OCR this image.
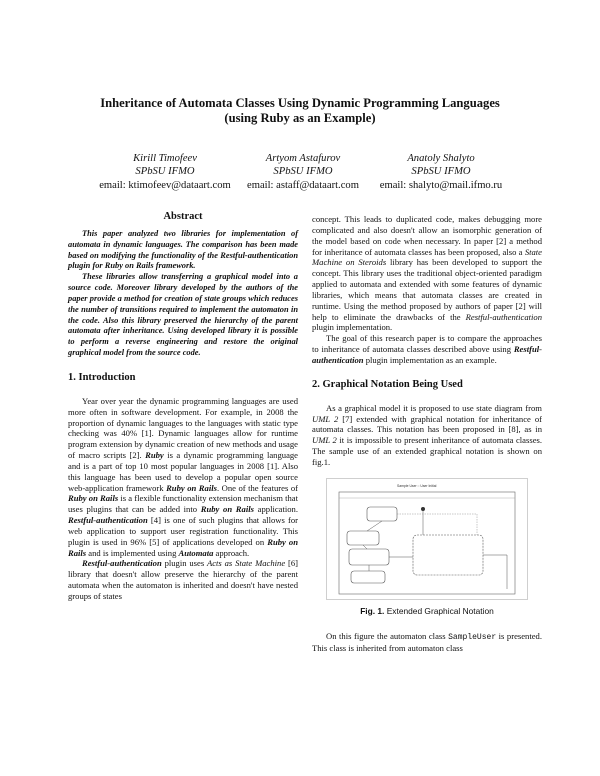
Inheritance of Automata Classes Using Dynamic Programming Languages
(using Ruby as an Example)
Kirill Timofeev
SPbSU IFMO
email: ktimofeev@dataart.com
Artyom Astafurov
SPbSU IFMO
email: astaff@dataart.com
Anatoly Shalyto
SPbSU IFMO
email: shalyto@mail.ifmo.ru
Abstract

This paper analyzed two libraries for implementation of automata in dynamic languages. The comparison has been made based on modifying the functionality of the Restful-authentication plugin for Ruby on Rails framework.

These libraries allow transferring a graphical model into a source code. Moreover library developed by the authors of the paper provide a method for creation of state groups which reduces the number of transitions required to implement the automaton in the code. Also this library preserved the hierarchy of the parent automata after inheritance. Using developed library it is possible to perform a reverse engineering and restore the original graphical model from the source code.

1. Introduction

Year over year the dynamic programming languages are used more often in software development. For example, in 2008 the proportion of dynamic languages to the languages with static type checking was 40% [1]. Dynamic languages allow for runtime program extension by dynamic creation of new methods and usage of macro scripts [2]. Ruby is a dynamic programming language and is a part of top 10 most popular languages in 2008 [1]. Also this language has been used to develop a popular open source web-application framework Ruby on Rails. One of the features of Ruby on Rails is a flexible functionality extension mechanism that uses plugins that can be added into Ruby on Rails application. Restful-authentication [4] is one of such plugins that allows for web application to support user registration functionality. This plugin is used in 96% [5] of applications developed on Ruby on Rails and is implemented using Automata approach.

Restful-authentication plugin uses Acts as State Machine [6] library that doesn't allow preserve the hierarchy of the parent automata when the automaton is inherited and doesn't have nested groups of states

concept. This leads to duplicated code, makes debugging more complicated and also doesn't allow an isomorphic generation of the model based on code when necessary. In paper [2] a method for inheritance of automata classes has been proposed, also a State Machine on Steroids library has been developed to support the concept. This library uses the traditional object-oriented paradigm applied to automata and extended with some features of dynamic libraries, which means that automata classes are created in runtime. Using the method proposed by authors of paper [2] will help to eliminate the drawbacks of the Restful-authentication plugin implementation.

The goal of this research paper is to compare the approaches to inheritance of automata classes described above using Restful-authentication plugin implementation as an example.

2. Graphical Notation Being Used

As a graphical model it is proposed to use state diagram from UML 2 [7] extended with graphical notation for inheritance of automata classes. This notation has been proposed in [8], as in UML 2 it is impossible to present inheritance of automata classes. The sample use of an extended graphical notation is shown on fig.1.

Sample User :: User Initial
Fig. 1. Extended Graphical Notation

On this figure the automaton class SampleUser is presented. This class is inherited from automaton class
